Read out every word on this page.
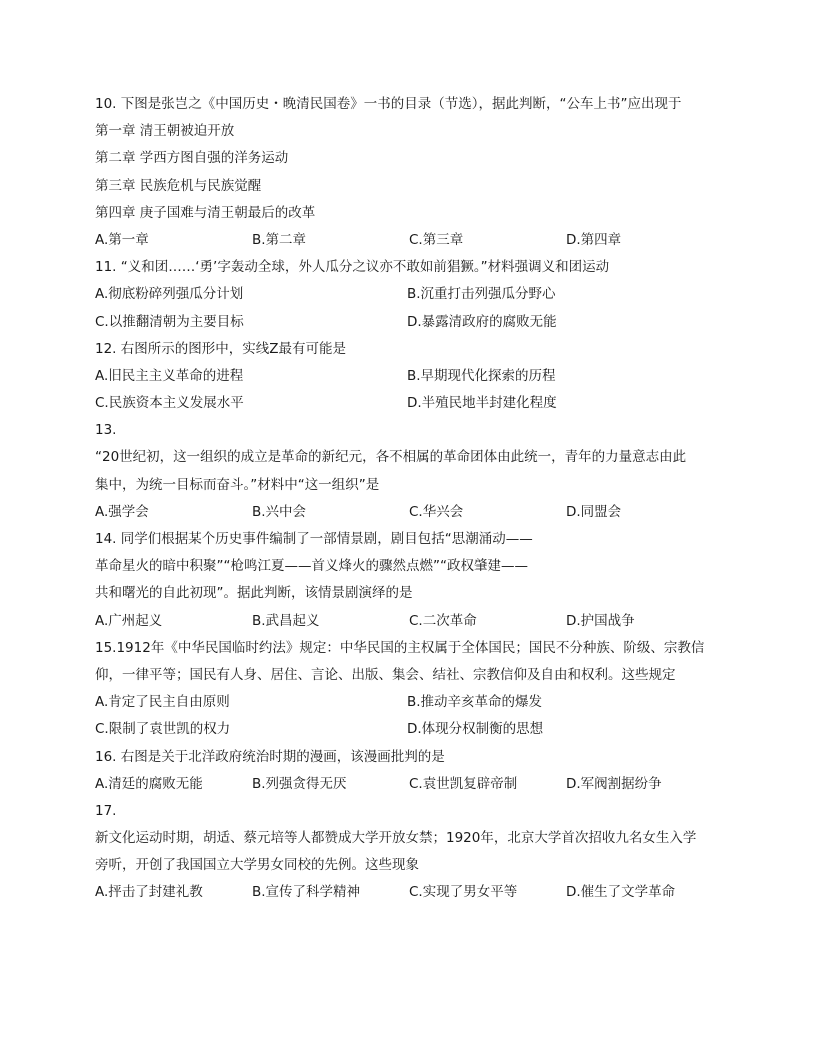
10. 下图是张岂之《中国历史・晚清民国卷》一书的目录（节选），据此判断，“公车上书”应出现于
第一章 清王朝被迫开放
第二章 学西方图自强的洋务运动
第三章 民族危机与民族觉醒
第四章 庚子国难与清王朝最后的改革
A.第一章	B.第二章	C.第三章	D.第四章
11. “义和团……‘勇’字轰动全球，外人瓜分之议亦不敢如前猖獗。”材料强调义和团运动
A.彻底粉碎列强瓜分计划	B.沉重打击列强瓜分野心
C.以推翻清朝为主要目标	D.暴露清政府的腐败无能
12. 右图所示的图形中，实线Z最有可能是
A.旧民主主义革命的进程	B.早期现代化探索的历程
C.民族资本主义发展水平	D.半殖民地半封建化程度
13.
“20世纪初，这一组织的成立是革命的新纪元，各不相属的革命团体由此统一，青年的力量意志由此
集中，为统一目标而奋斗。”材料中“这一组织”是
A.强学会	B.兴中会	C.华兴会	D.同盟会
14. 同学们根据某个历史事件编制了一部情景剧，剧目包括“思潮涌动——
革命星火的暗中积聚”“枪鸣江夏——首义烽火的骤然点燃”“政权肇建——
共和曙光的自此初现”。据此判断，该情景剧演绎的是
A.广州起义	B.武昌起义	C.二次革命	D.护国战争
15.1912年《中华民国临时约法》规定：中华民国的主权属于全体国民；国民不分种族、阶级、宗教信
仰，一律平等；国民有人身、居住、言论、出版、集会、结社、宗教信仰及自由和权利。这些规定
A.肯定了民主自由原则	B.推动辛亥革命的爆发
C.限制了袁世凯的权力	D.体现分权制衡的思想
16. 右图是关于北洋政府统治时期的漫画，该漫画批判的是
A.清廷的腐败无能	B.列强贪得无厌	C.袁世凯复辟帝制	D.军阀割据纷争
17.
新文化运动时期，胡适、蔡元培等人都赞成大学开放女禁；1920年，北京大学首次招收九名女生入学
旁听，开创了我国国立大学男女同校的先例。这些现象
A.抨击了封建礼教	B.宣传了科学精神	C.实现了男女平等	D.催生了文学革命
